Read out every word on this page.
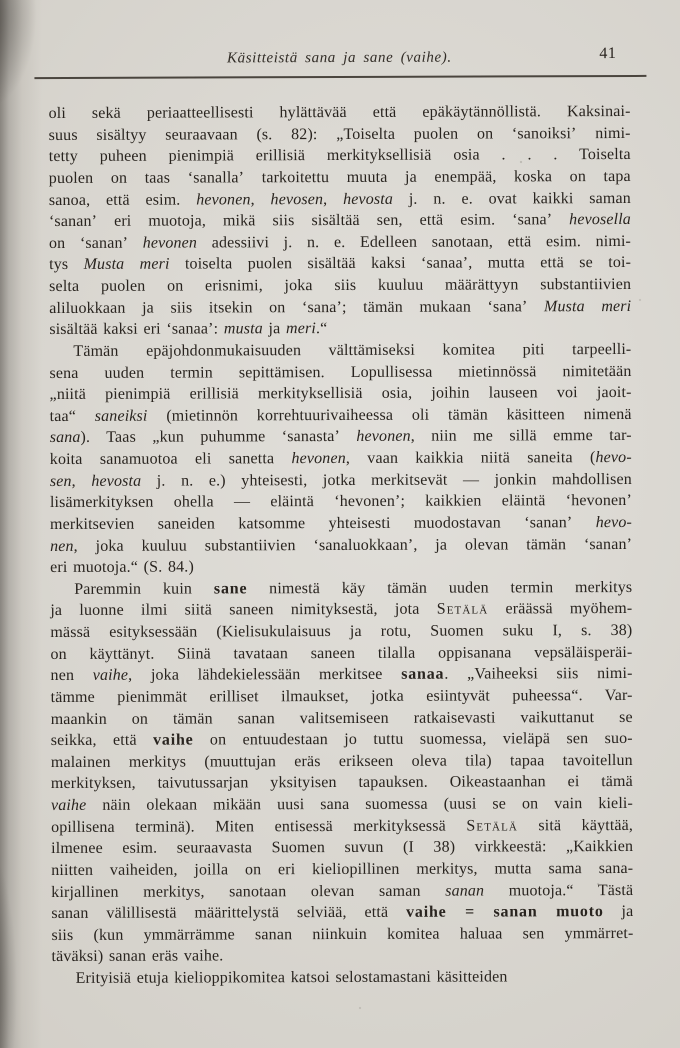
Käsitteistä sana ja sane (vaihe).	41
oli sekä periaatteellisesti hylättävää että epäkäytännöllistä. Kaksinai-
suus sisältyy seuraavaan (s. 82): „Toiselta puolen on ʻsanoiksiʼ nimi-
tetty puheen pienimpiä erillisiä merkityksellisiä osia . . . Toiselta
puolen on taas ʻsanallaʼ tarkoitettu muuta ja enempää, koska on tapa
sanoa, että esim. hevonen, hevosen, hevosta j. n. e. ovat kaikki saman
ʻsananʼ eri muotoja, mikä siis sisältää sen, että esim. ʻsanaʼ hevosella
on ʻsananʼ hevonen adessiivi j. n. e. Edelleen sanotaan, että esim. nimi-
tys Musta meri toiselta puolen sisältää kaksi ʻsanaaʼ, mutta että se toi-
selta puolen on erisnimi, joka siis kuuluu määrättyyn substantiivien
aliluokkaan ja siis itsekin on ʻsanaʼ; tämän mukaan ʻsanaʼ Musta meri
sisältää kaksi eri ʻsanaaʼ: musta ja meri.“
Tämän epäjohdonmukaisuuden välttämiseksi komitea piti tarpeelli-
sena uuden termin sepittämisen. Lopullisessa mietinnössä nimitetään
„niitä pienimpiä erillisiä merkityksellisiä osia, joihin lauseen voi jaoit-
taa“ saneiksi (mietinnön korrehtuurivaiheessa oli tämän käsitteen nimenä
sana). Taas „kun puhumme ʻsanastaʼ hevonen, niin me sillä emme tar-
koita sanamuotoa eli sanetta hevonen, vaan kaikkia niitä saneita (hevo-
sen, hevosta j. n. e.) yhteisesti, jotka merkitsevät — jonkin mahdollisen
lisämerkityksen ohella — eläintä ʻhevonenʼ; kaikkien eläintä ʻhevonenʼ
merkitsevien saneiden katsomme yhteisesti muodostavan ʻsananʼ hevo-
nen, joka kuuluu substantiivien ʻsanaluokkaanʼ, ja olevan tämän ʻsananʼ
eri muotoja.“ (S. 84.)
Paremmin kuin sane nimestä käy tämän uuden termin merkitys
ja luonne ilmi siitä saneen nimityksestä, jota Setälä eräässä myöhem-
mässä esityksessään (Kielisukulaisuus ja rotu, Suomen suku I, s. 38)
on käyttänyt. Siinä tavataan saneen tilalla oppisanana vepsäläisperäi-
nen vaihe, joka lähdekielessään merkitsee sanaa. „Vaiheeksi siis nimi-
tämme pienimmät erilliset ilmaukset, jotka esiintyvät puheessa“. Var-
maankin on tämän sanan valitsemiseen ratkaisevasti vaikuttanut se
seikka, että vaihe on entuudestaan jo tuttu suomessa, vieläpä sen suo-
malainen merkitys (muuttujan eräs erikseen oleva tila) tapaa tavoitellun
merkityksen, taivutussarjan yksityisen tapauksen. Oikeastaanhan ei tämä
vaihe näin olekaan mikään uusi sana suomessa (uusi se on vain kieli-
opillisena terminä). Miten entisessä merkityksessä Setälä sitä käyttää,
ilmenee esim. seuraavasta Suomen suvun (I 38) virkkeestä: „Kaikkien
niitten vaiheiden, joilla on eri kieliopillinen merkitys, mutta sama sana-
kirjallinen merkitys, sanotaan olevan saman sanan muotoja.“ Tästä
sanan välillisestä määrittelystä selviää, että vaihe = sanan muoto ja
siis (kun ymmärrämme sanan niinkuin komitea haluaa sen ymmärret-
täväksi) sanan eräs vaihe.
Erityisiä etuja kielioppikomitea katsoi selostamastani käsitteiden
